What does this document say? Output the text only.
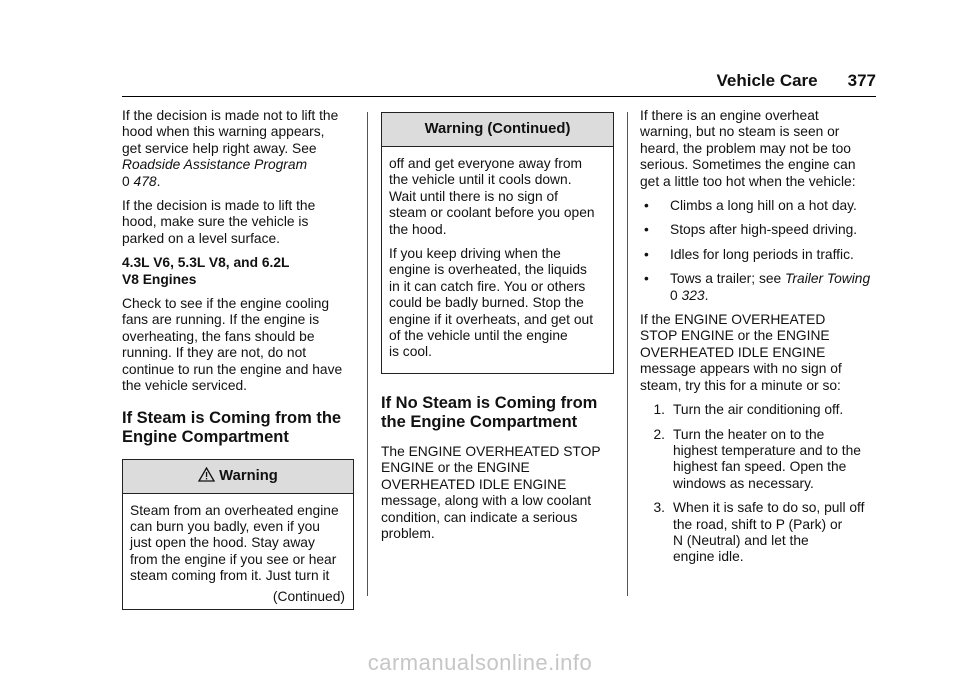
Vehicle Care 377

If the decision is made not to lift the
hood when this warning appears,
get service help right away. See
Roadside Assistance Program
0 478.

If the decision is made to lift the
hood, make sure the vehicle is
parked on a level surface.

4.3L V6, 5.3L V8, and 6.2L
V8 Engines

Check to see if the engine cooling
fans are running. If the engine is
overheating, the fans should be
running. If they are not, do not
continue to run the engine and have
the vehicle serviced.

If Steam is Coming from the
Engine Compartment
Warning

Steam from an overheated engine
can burn you badly, even if you
just open the hood. Stay away
from the engine if you see or hear
steam coming from it. Just turn it

(Continued)
Warning (Continued)

off and get everyone away from
the vehicle until it cools down.
Wait until there is no sign of
steam or coolant before you open
the hood.

If you keep driving when the
engine is overheated, the liquids
in it can catch fire. You or others
could be badly burned. Stop the
engine if it overheats, and get out
of the vehicle until the engine
is cool.

If No Steam is Coming from
the Engine Compartment

The ENGINE OVERHEATED STOP
ENGINE or the ENGINE
OVERHEATED IDLE ENGINE
message, along with a low coolant
condition, can indicate a serious
problem.

If there is an engine overheat
warning, but no steam is seen or
heard, the problem may not be too
serious. Sometimes the engine can
get a little too hot when the vehicle:

•	Climbs a long hill on a hot day.
•	Stops after high-speed driving.
•	Idles for long periods in traffic.
•	Tows a trailer; see Trailer Towing
0 323.

If the ENGINE OVERHEATED
STOP ENGINE or the ENGINE
OVERHEATED IDLE ENGINE
message appears with no sign of
steam, try this for a minute or so:

1. Turn the air conditioning off.
2. Turn the heater on to the
highest temperature and to the
highest fan speed. Open the
windows as necessary.
3. When it is safe to do so, pull off
the road, shift to P (Park) or
N (Neutral) and let the
engine idle.
carmanualsonline.info
